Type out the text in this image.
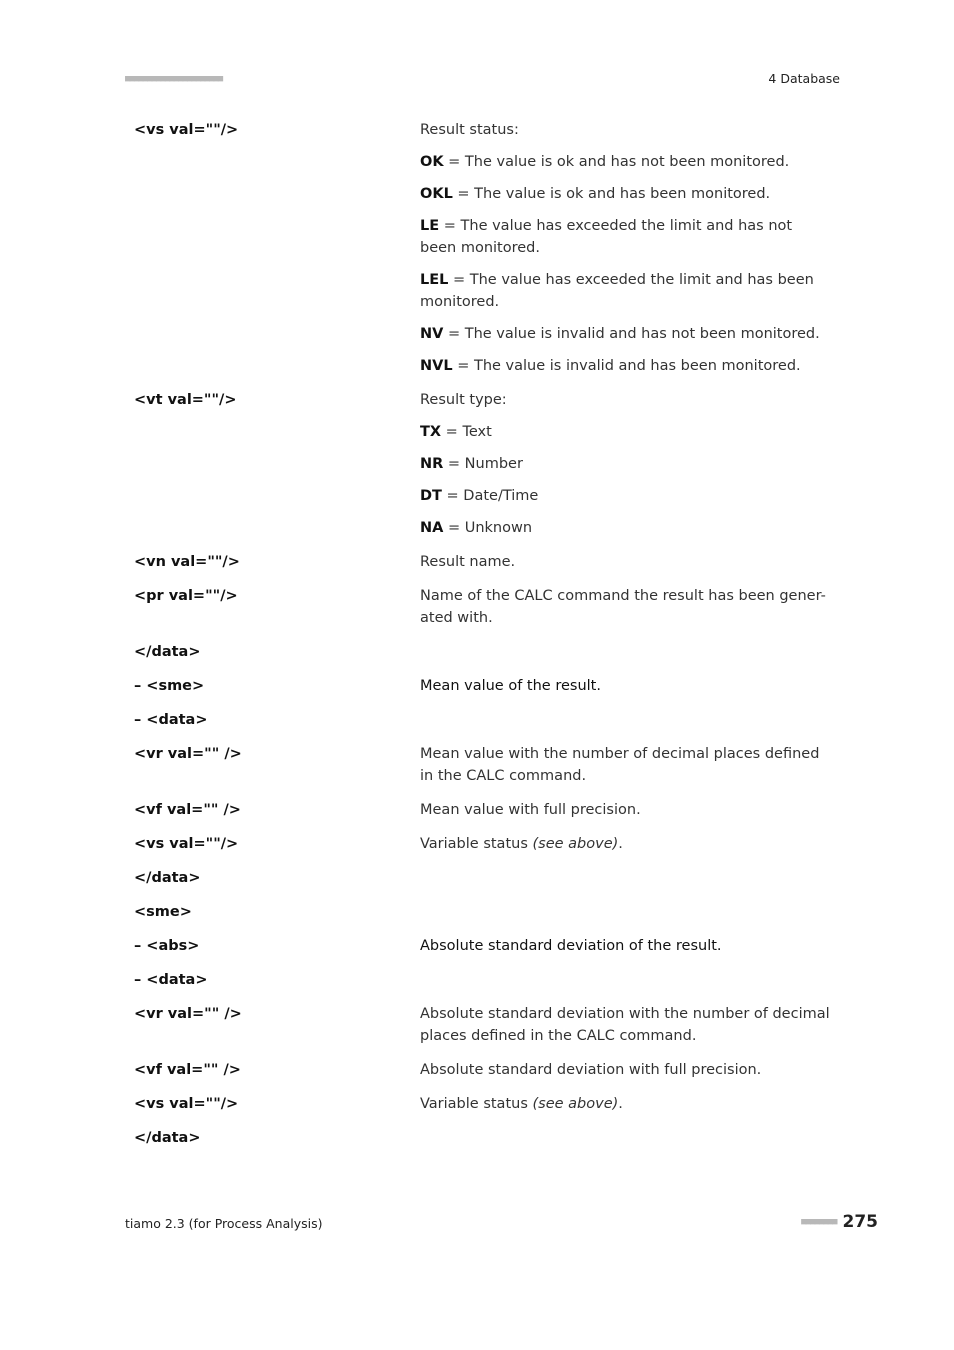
■■■■■■■■■■■■■■■■■■■■■■	4 Database
<vs val=""/>	Result status:

OK = The value is ok and has not been monitored.

OKL = The value is ok and has been monitored.

LE = The value has exceeded the limit and has not been monitored.

LEL = The value has exceeded the limit and has been monitored.

NV = The value is invalid and has not been monitored.

NVL = The value is invalid and has been monitored.

<vt val=""/>	Result type:

TX = Text

NR = Number

DT = Date/Time

NA = Unknown

<vn val=""/>	Result name.

<pr val=""/>	Name of the CALC command the result has been gener-ated with.

</data>
– <sme>	Mean value of the result.

– <data>
<vr val="" />	Mean value with the number of decimal places defined in the CALC command.

<vf val="" />	Mean value with full precision.

<vs val=""/>	Variable status (see above).

</data>
<sme>
– <abs>	Absolute standard deviation of the result.

– <data>
<vr val="" />	Absolute standard deviation with the number of decimal places defined in the CALC command.

<vf val="" />	Absolute standard deviation with full precision.

<vs val=""/>	Variable status (see above).

</data>
tiamo 2.3 (for Process Analysis)	■■■■■■■■ 275
